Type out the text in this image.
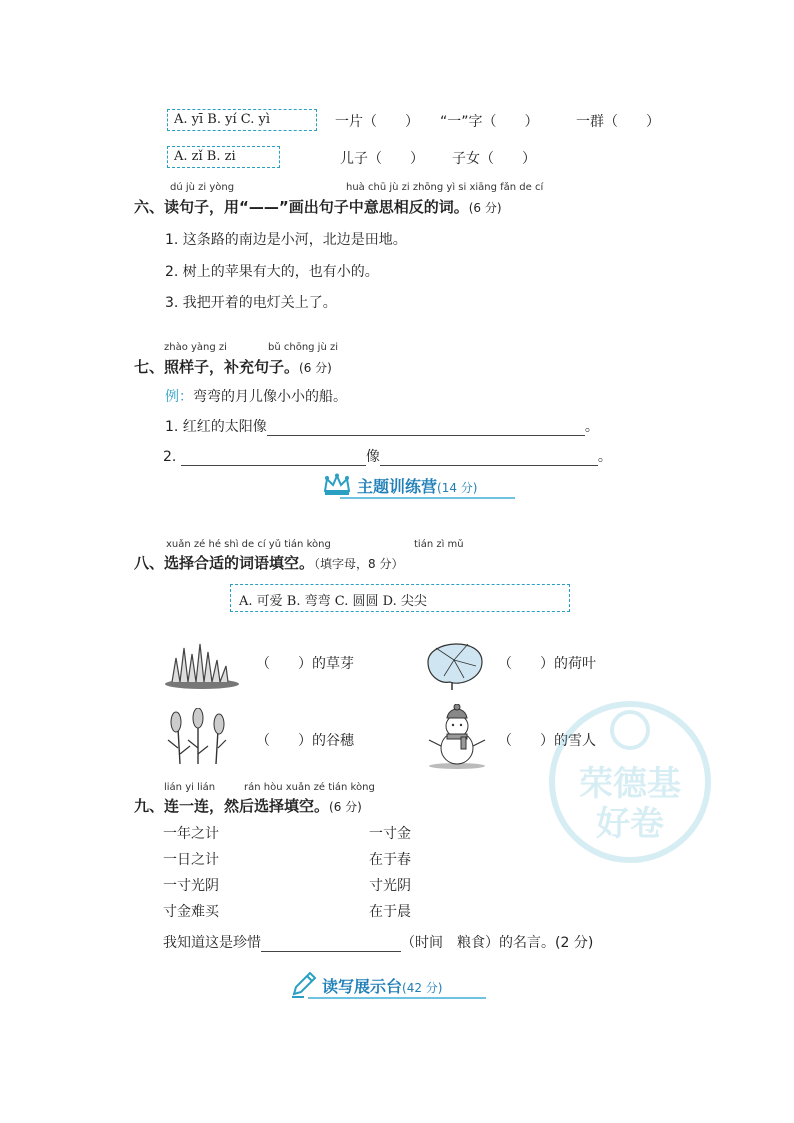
A. yī B. yí C. yì	一片（　　） “一”字（　　）	一群（　　）
A. zǐ B. zi	儿子（　　） 子女（　　）
dú jù zi yòng	huà chū jù zi zhōng yì si xiāng fǎn de cí
六、读句子，用“——”画出句子中意思相反的词。(6 分)
1. 这条路的南边是小河，北边是田地。
2. 树上的苹果有大的，也有小的。
3. 我把开着的电灯关上了。
zhào yàng zi	bǔ chōng jù zi
七、照样子，补充句子。(6 分)
例：弯弯的月儿像小小的船。
1. 红红的太阳像	。
2.	像	。
主题训练营(14 分)
xuǎn zé hé shì de cí yǔ tián kòng	tián zì mǔ
八、选择合适的词语填空。（填字母，8 分）
A. 可爱 B. 弯弯 C. 圆圆 D. 尖尖
（　　）的草芽	（　　）的荷叶
（　　）的谷穗	（　　）的雪人
荣德基
好卷
lián yi lián	rán hòu xuǎn zé tián kòng
九、连一连，然后选择填空。(6 分)
一年之计
一日之计
一寸光阴
寸金难买
一寸金
在于春
寸光阴
在于晨
我知道这是珍惜	（时间　粮食）的名言。(2 分)
读写展示台(42 分)
